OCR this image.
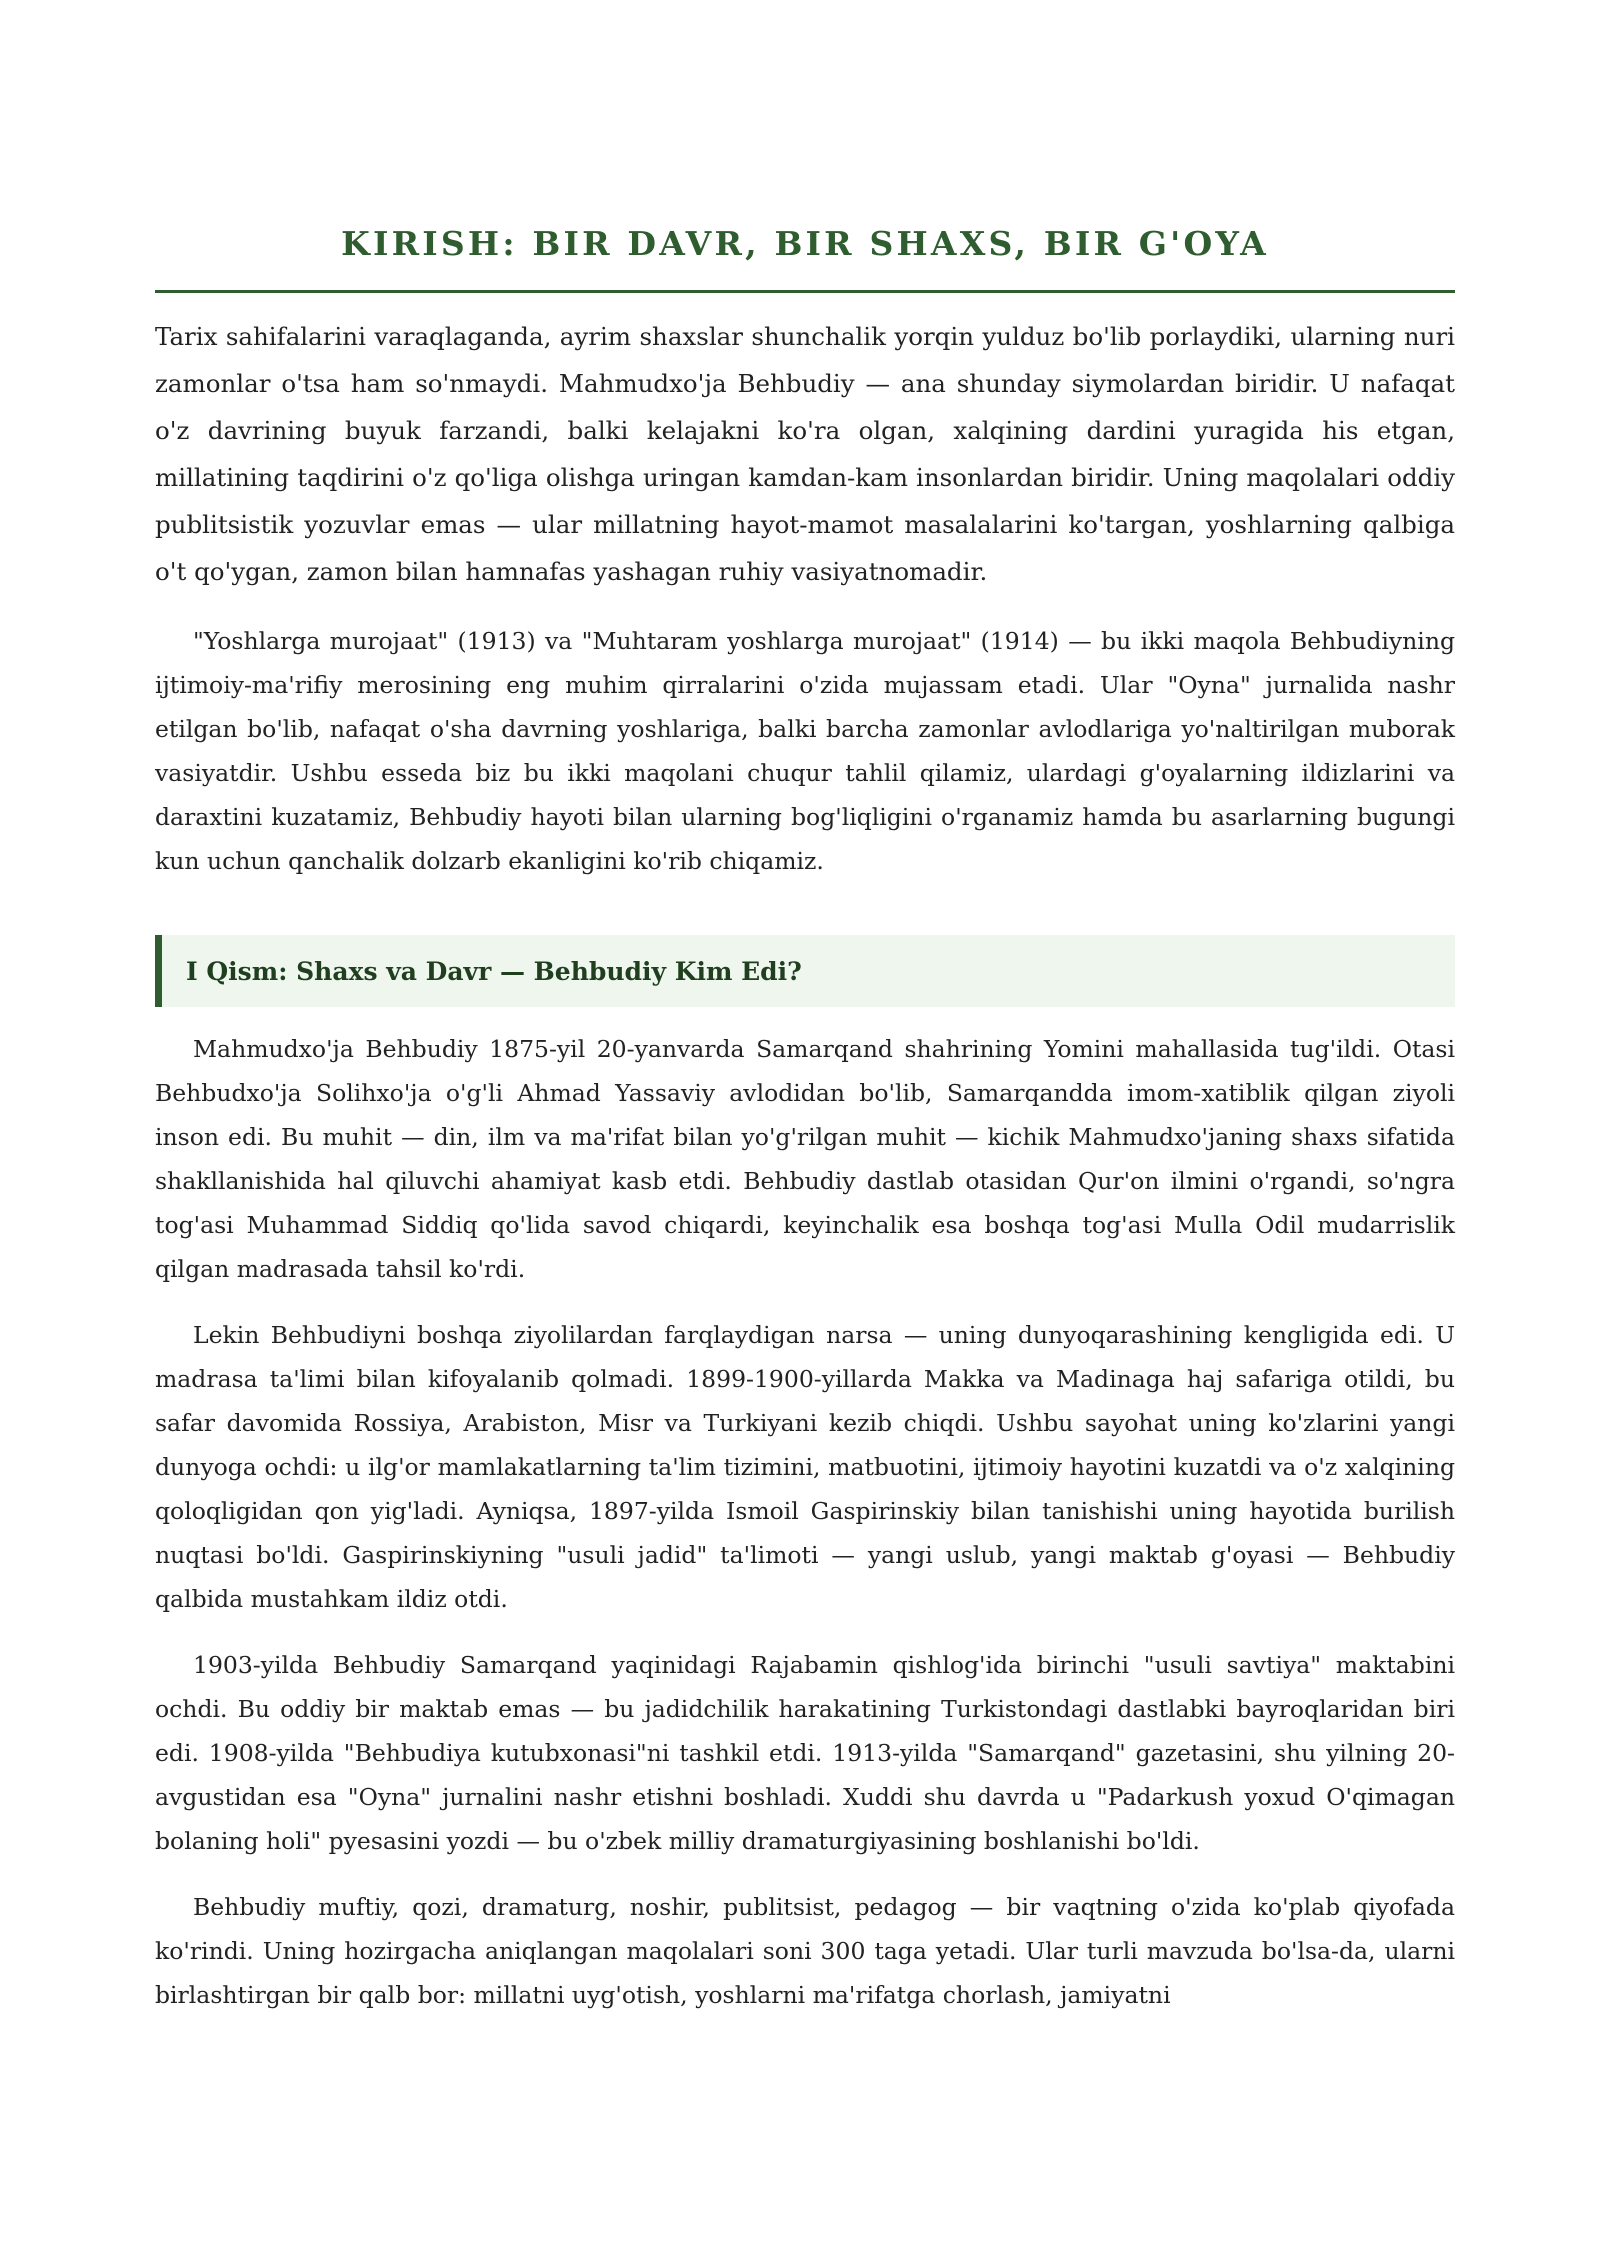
KIRISH: BIR DAVR, BIR SHAXS, BIR G'OYA

Tarix sahifalarini varaqlaganda, ayrim shaxslar shunchalik yorqin yulduz bo'lib porlaydiki, ularning nuri zamonlar o'tsa ham so'nmaydi. Mahmudxo'ja Behbudiy — ana shunday siymolardan biridir. U nafaqat o'z davrining buyuk farzandi, balki kelajakni ko'ra olgan, xalqining dardini yuragida his etgan, millatining taqdirini o'z qo'liga olishga uringan kamdan-kam insonlardan biridir. Uning maqolalari oddiy publitsistik yozuvlar emas — ular millatning hayot-mamot masalalarini ko'targan, yoshlarning qalbiga o't qo'ygan, zamon bilan hamnafas yashagan ruhiy vasiyatnomadir.

"Yoshlarga murojaat" (1913) va "Muhtaram yoshlarga murojaat" (1914) — bu ikki maqola Behbudiyning ijtimoiy-ma'rifiy merosining eng muhim qirralarini o'zida mujassam etadi. Ular "Oyna" jurnalida nashr etilgan bo'lib, nafaqat o'sha davrning yoshlariga, balki barcha zamonlar avlodlariga yo'naltirilgan muborak vasiyatdir. Ushbu esseda biz bu ikki maqolani chuqur tahlil qilamiz, ulardagi g'oyalarning ildizlarini va daraxtini kuzatamiz, Behbudiy hayoti bilan ularning bog'liqligini o'rganamiz hamda bu asarlarning bugungi kun uchun qanchalik dolzarb ekanligini ko'rib chiqamiz.

I Qism: Shaxs va Davr — Behbudiy Kim Edi?

Mahmudxo'ja Behbudiy 1875-yil 20-yanvarda Samarqand shahrining Yomini mahallasida tug'ildi. Otasi Behbudxo'ja Solihxo'ja o'g'li Ahmad Yassaviy avlodidan bo'lib, Samarqandda imom-xatiblik qilgan ziyoli inson edi. Bu muhit — din, ilm va ma'rifat bilan yo'g'rilgan muhit — kichik Mahmudxo'janing shaxs sifatida shakllanishida hal qiluvchi ahamiyat kasb etdi. Behbudiy dastlab otasidan Qur'on ilmini o'rgandi, so'ngra tog'asi Muhammad Siddiq qo'lida savod chiqardi, keyinchalik esa boshqa tog'asi Mulla Odil mudarrislik qilgan madrasada tahsil ko'rdi.

Lekin Behbudiyni boshqa ziyolilardan farqlaydigan narsa — uning dunyoqarashining kengligida edi. U madrasa ta'limi bilan kifoyalanib qolmadi. 1899-1900-yillarda Makka va Madinaga haj safariga otildi, bu safar davomida Rossiya, Arabiston, Misr va Turkiyani kezib chiqdi. Ushbu sayohat uning ko'zlarini yangi dunyoga ochdi: u ilg'or mamlakatlarning ta'lim tizimini, matbuotini, ijtimoiy hayotini kuzatdi va o'z xalqining qoloqligidan qon yig'ladi. Ayniqsa, 1897-yilda Ismoil Gaspirinskiy bilan tanishishi uning hayotida burilish nuqtasi bo'ldi. Gaspirinskiyning "usuli jadid" ta'limoti — yangi uslub, yangi maktab g'oyasi — Behbudiy qalbida mustahkam ildiz otdi.

1903-yilda Behbudiy Samarqand yaqinidagi Rajabamin qishlog'ida birinchi "usuli savtiya" maktabini ochdi. Bu oddiy bir maktab emas — bu jadidchilik harakatining Turkistondagi dastlabki bayroqlaridan biri edi. 1908-yilda "Behbudiya kutubxonasi"ni tashkil etdi. 1913-yilda "Samarqand" gazetasini, shu yilning 20-avgustidan esa "Oyna" jurnalini nashr etishni boshladi. Xuddi shu davrda u "Padarkush yoxud O'qimagan bolaning holi" pyesasini yozdi — bu o'zbek milliy dramaturgiyasining boshlanishi bo'ldi.

Behbudiy muftiy, qozi, dramaturg, noshir, publitsist, pedagog — bir vaqtning o'zida ko'plab qiyofada ko'rindi. Uning hozirgacha aniqlangan maqolalari soni 300 taga yetadi. Ular turli mavzuda bo'lsa-da, ularni birlashtirgan bir qalb bor: millatni uyg'otish, yoshlarni ma'rifatga chorlash, jamiyatni
